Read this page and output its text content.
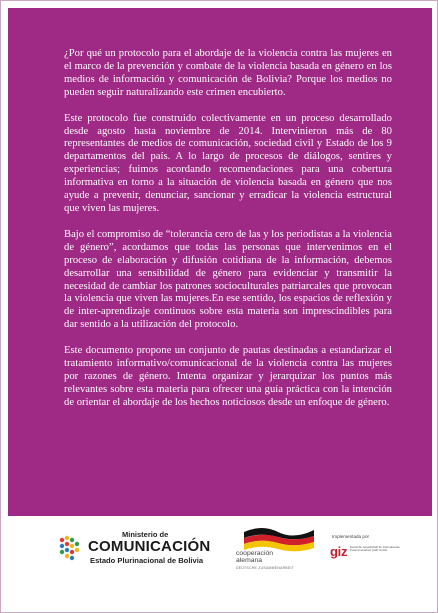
¿Por qué un protocolo para el abordaje de la violencia contra las mujeres en el marco de la prevención y combate de la violencia basada en género en los medios de información y comunicación de Bolivia? Porque los medios no pueden seguir naturalizando este crimen encubierto.

Este protocolo fue construido colectivamente en un proceso desarrollado desde agosto hasta noviembre de 2014. Intervinieron más de 80 representantes de medios de comunicación, sociedad civil y Estado de los 9 departamentos del país. A lo largo de procesos de diálogos, sentires y experiencias; fuimos acordando recomendaciones para una cobertura informativa en torno a la situación de violencia basada en género que nos ayude a prevenir, denunciar, sancionar y erradicar la violencia estructural que viven las mujeres.

Bajo el compromiso de “tolerancia cero de las y los periodistas a la violencia de género”, acordamos que todas las personas que intervenimos en el proceso de elaboración y difusión cotidiana de la información, debemos desarrollar una sensibilidad de género para evidenciar y transmitir la necesidad de cambiar los patrones socioculturales patriarcales que provocan la violencia que viven las mujeres.En ese sentido, los espacios de reflexión y de inter-aprendizaje continuos sobre esta materia son imprescindibles para dar sentido a la utilización del protocolo.

Este documento propone un conjunto de pautas destinadas a estandarizar el tratamiento informativo/comunicacional de la violencia contra las mujeres por razones de género. Intenta organizar y jerarquizar los puntos más relevantes sobre esta materia para ofrecer una guía práctica con la intención de orientar el abordaje de los hechos noticiosos desde un enfoque de género.

Ministerio de
COMUNICACIÓN
Estado Plurinacional de Bolivia
cooperación
alemana
DEUTSCHE ZUSAMMENARBEIT
Implementada por
giz Deutsche Gesellschaft für Internationale Zusammenarbeit (GIZ) GmbH
